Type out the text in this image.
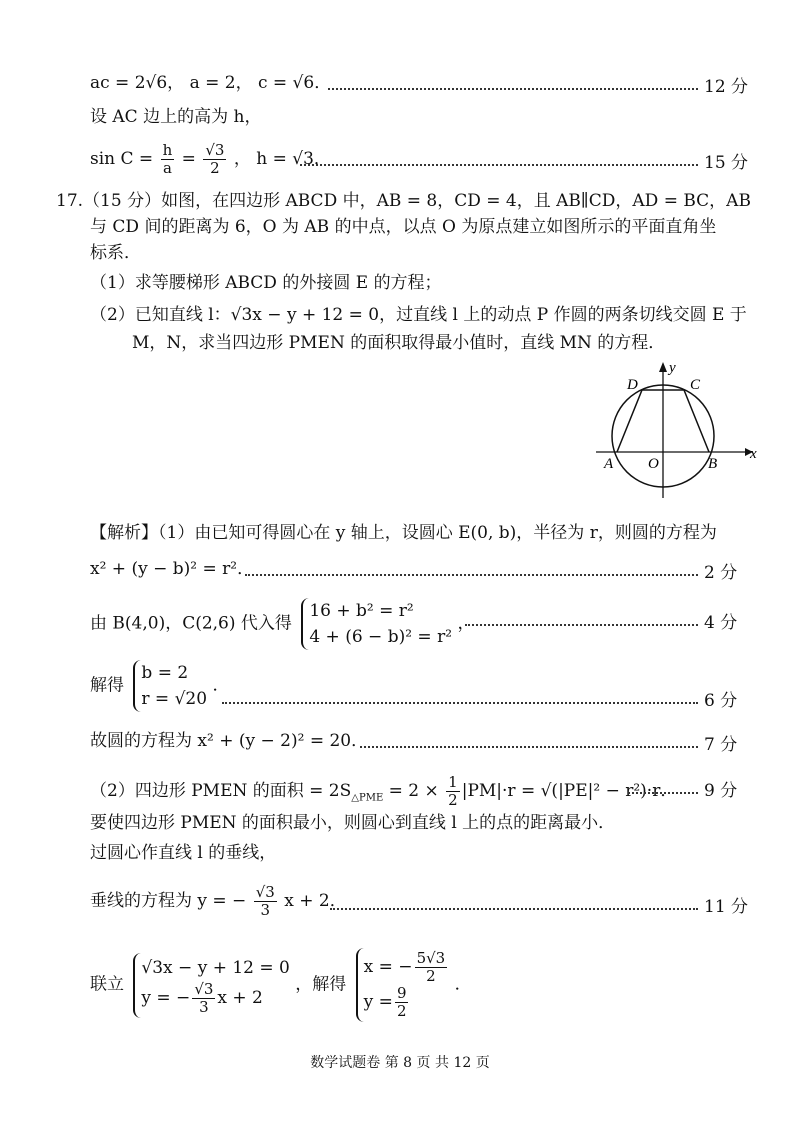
ac = 2√6， a = 2， c = √6．	12 分
设 AC 边上的高为 h，
$\sin C = \frac{h}{a} = \frac{√3}{2}$ ， h = √3．	15 分
17.（15 分）如图，在四边形 ABCD 中，AB = 8，CD = 4，且 AB∥CD，AD = BC，AB
与 CD 间的距离为 6，O 为 AB 的中点，以点 O 为原点建立如图所示的平面直角坐
标系．
（1）求等腰梯形 ABCD 的外接圆 E 的方程；
（2）已知直线 l：√3x − y + 12 = 0，过直线 l 上的动点 P 作圆的两条切线交圆 E 于
M，N，求当四边形 PMEN 的面积取得最小值时，直线 MN 的方程．
x
y
A	B
C
D
O
【解析】（1）由已知可得圆心在 y 轴上，设圆心 E(0, b)，半径为 r，则圆的方程为
x² + (y − b)² = r²．	2 分
由 B(4,0)，C(2,6) 代入得
16 + b² = r²
4 + (6 − b)² = r²
，	4 分
解得
b = 2
r = √20
．
6 分
故圆的方程为 x² + (y − 2)² = 20．	7 分
（2）四边形 PMEN 的面积 = $2S_{\triangle PME} = 2 \times \frac{1}{2} |PM|\cdot r = √(|PE|^2 - r^2)\cdot r$． 9 分
要使四边形 PMEN 的面积最小，则圆心到直线 l 上的点的距离最小．
过圆心作直线 l 的垂线，
垂线的方程为 y = − $\frac{√3}{3}$ x + 2．	11 分
联立
√3x − y + 12 = 0
y = − $\frac{√3}{3}$ x + 2
，解得
x = − $\frac{5√3}{2}$
$y = \frac{9}{2}$
．
数学试题卷 第 8 页 共 12 页
